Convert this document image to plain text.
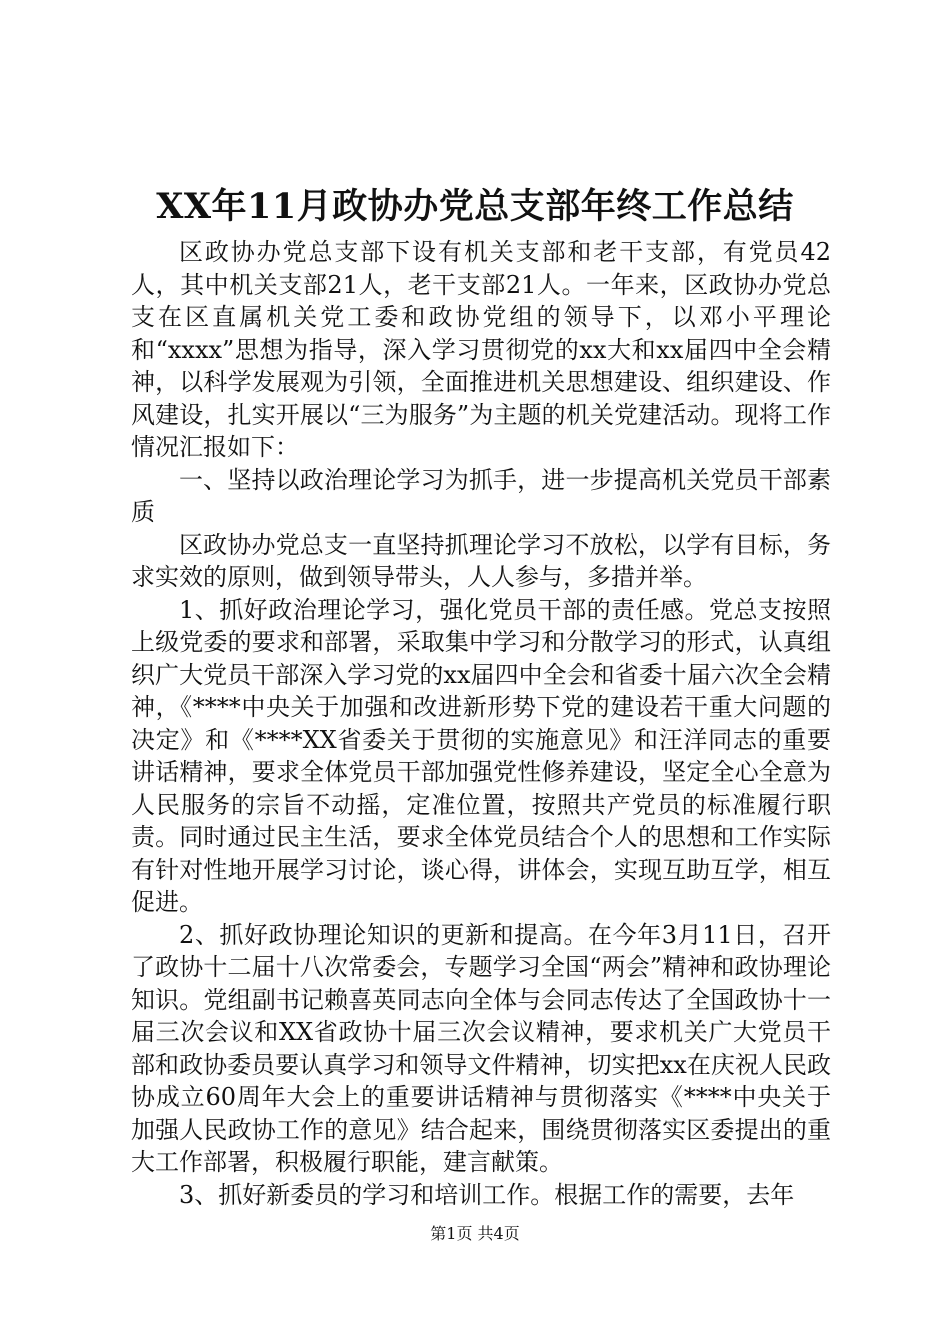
XX年11月政协办党总支部年终工作总结

区政协办党总支部下设有机关支部和老干支部，有党员42人，其中机关支部21人，老干支部21人。一年来，区政协办党总支在区直属机关党工委和政协党组的领导下，以邓小平理论和“xxxx”思想为指导，深入学习贯彻党的xx大和xx届四中全会精神，以科学发展观为引领，全面推进机关思想建设、组织建设、作风建设，扎实开展以“三为服务”为主题的机关党建活动。现将工作情况汇报如下：

一、坚持以政治理论学习为抓手，进一步提高机关党员干部素质

区政协办党总支一直坚持抓理论学习不放松，以学有目标，务求实效的原则，做到领导带头，人人参与，多措并举。

1、抓好政治理论学习，强化党员干部的责任感。党总支按照上级党委的要求和部署，采取集中学习和分散学习的形式，认真组织广大党员干部深入学习党的xx届四中全会和省委十届六次全会精神，《****中央关于加强和改进新形势下党的建设若干重大问题的决定》和《****XX省委关于贯彻的实施意见》和汪洋同志的重要讲话精神，要求全体党员干部加强党性修养建设，坚定全心全意为人民服务的宗旨不动摇，定准位置，按照共产党员的标准履行职责。同时通过民主生活，要求全体党员结合个人的思想和工作实际有针对性地开展学习讨论，谈心得，讲体会，实现互助互学，相互促进。

2、抓好政协理论知识的更新和提高。在今年3月11日，召开了政协十二届十八次常委会，专题学习全国“两会”精神和政协理论知识。党组副书记赖喜英同志向全体与会同志传达了全国政协十一届三次会议和XX省政协十届三次会议精神，要求机关广大党员干部和政协委员要认真学习和领导文件精神，切实把xx在庆祝人民政协成立60周年大会上的重要讲话精神与贯彻落实《****中央关于加强人民政协工作的意见》结合起来，围绕贯彻落实区委提出的重大工作部署，积极履行职能，建言献策。

3、抓好新委员的学习和培训工作。根据工作的需要，去年

第1页 共4页
